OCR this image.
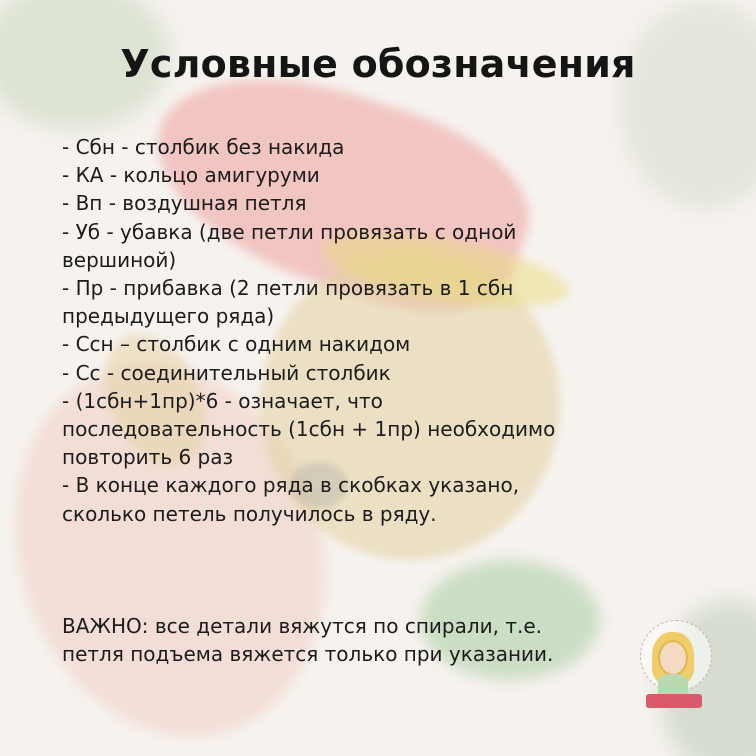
Условные обозначения
- Сбн - столбик без накида
- КА - кольцо амигуруми
- Вп - воздушная петля
- Уб - убавка (две петли провязать с одной
вершиной)
- Пр - прибавка (2 петли провязать в 1 сбн
предыдущего ряда)
- Ссн – столбик с одним накидом
- Сс - соединительный столбик
- (1сбн+1пр)*6 - означает, что
последовательность (1сбн + 1пр) необходимо
повторить 6 раз
- В конце каждого ряда в скобках указано,
сколько петель получилось в ряду.
ВАЖНО: все детали вяжутся по спирали, т.е.
петля подъема вяжется только при указании.
